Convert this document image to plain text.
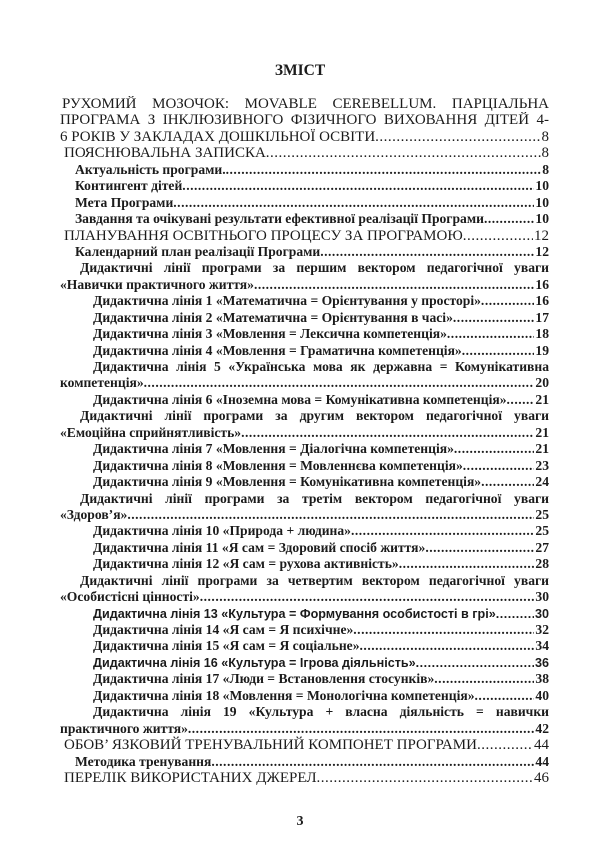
ЗМІСТ
РУХОМИЙ МОЗОЧОК: MOVABLE CEREBELLUM. ПАРЦІАЛЬНА
ПРОГРАМА З ІНКЛЮЗИВНОГО ФІЗИЧНОГО ВИХОВАННЯ ДІТЕЙ 4-
6 РОКІВ У ЗАКЛАДАХ ДОШКІЛЬНОЇ ОСВІТИ .....	8
ПОЯСНЮВАЛЬНА ЗАПИСКА .....	8
Актуальність програми. .....	8
Контингент дітей .....	10
Мета Програми .....	10
Завдання та очікувані результати ефективної реалізації Програми .....	10
ПЛАНУВАННЯ ОСВІТНЬОГО ПРОЦЕСУ ЗА ПРОГРАМОЮ .....	12
Календарний план реалізації Програми .....	12
Дидактичні лінії програми за першим вектором педагогічної уваги
«Навички практичного життя» .....	16
Дидактична лінія 1 «Математична = Орієнтування у просторі» .....	16
Дидактична лінія 2 «Математична = Орієнтування в часі» .....	17
Дидактична лінія 3 «Мовлення = Лексична компетенція» .....	18
Дидактична лінія 4 «Мовлення = Граматична компетенція» .....	19
Дидактична лінія 5 «Українська мова як державна = Комунікативна
компетенція» .....	20
Дидактична лінія 6 «Іноземна мова = Комунікативна компетенція» ..... 21
Дидактичні лінії програми за другим вектором педагогічної уваги
«Емоційна сприйнятливість» .....	21
Дидактична лінія 7 «Мовлення = Діалогічна компетенція» .....	21
Дидактична лінія 8 «Мовлення = Мовленнєва компетенція» .....	23
Дидактична лінія 9 «Мовлення = Комунікативна компетенція» .....	24
Дидактичні лінії програми за третім вектором педагогічної уваги
«Здоров’я» .....	25
Дидактична лінія 10 «Природа + людина» .....	25
Дидактична лінія 11 «Я сам = Здоровий спосіб життя» .....	27
Дидактична лінія 12 «Я сам = рухова активність» .....	28
Дидактичні лінії програми за четвертим вектором педагогічної уваги
«Особистісні цінності» .....	30
Дидактична лінія 13 «Культура = Формування особистості в грі» .....	30
Дидактична лінія 14 «Я сам = Я психічне» .....	32
Дидактична лінія 15 «Я сам = Я соціальне» .....	34
Дидактична лінія 16 «Культура = Ігрова діяльність» .....	36
Дидактична лінія 17 «Люди = Встановлення стосунків» .....	38
Дидактична лінія 18 «Мовлення = Монологічна компетенція» .....	40
Дидактична лінія 19 «Культура + власна діяльність = навички
практичного життя» .....	42
ОБОВ’ ЯЗКОВИЙ ТРЕНУВАЛЬНИЙ КОМПОНЕТ ПРОГРАМИ .....	44
Методика тренування .....	44
ПЕРЕЛІК ВИКОРИСТАНИХ ДЖЕРЕЛ .....	46
3
